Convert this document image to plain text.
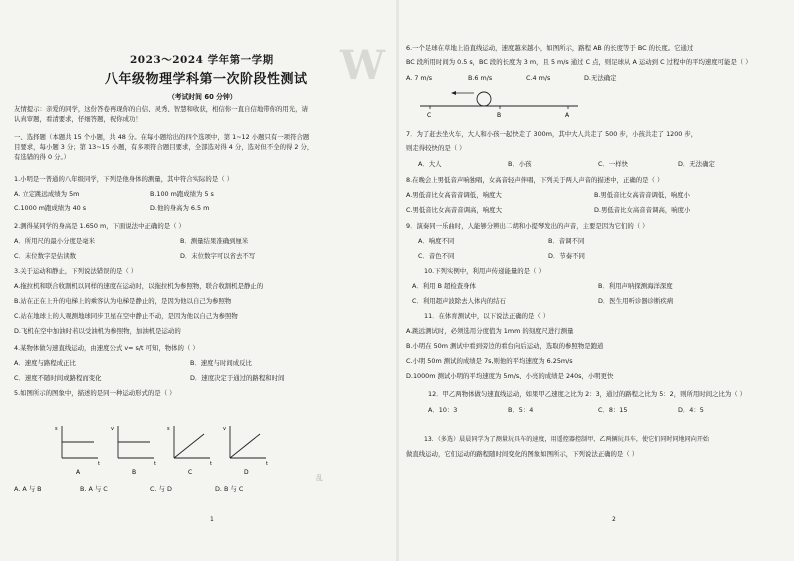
W
2023～2024 学年第一学期
八年级物理学科第一次阶段性测试
（考试时间 60 分钟）
友情提示：亲爱的同学，这份答卷再现你的自信、灵秀、智慧和收获，相信你一直自信地带你的用光，请
认真审题，看清要求，仔细答题，祝你成功！
一、选择题（本题共 15 个小题，共 48 分。在每小题给出的四个选项中，第 1~12 小题只有一项符合题
目要求，每小题 3 分；第 13~15 小题，有多项符合题目要求，全部选对得 4 分，选对但不全的得 2 分，
有选错的得 0 分。）
1.小明是一普通的八年级同学，下列是他身体的测量，其中符合实际的是（ ）
A. 立定跳远成绩为 5m	B.100 m跑成绩为 5 s
C.1000 m跑成绩为 40 s	D.他的身高为 6.5 m
2.测得某同学的身高是 1.650 m，下面说法中正确的是（ ）
A．所用尺的最小分度是毫米	B．测量结果准确到厘米
C．末位数字是估读数	D．末位数字可以省去不写
3.关于运动和静止，下列说法错误的是（ ）
A.拖拉机和联合收割机以同样的速度在运动时，以拖拉机为参照物，联合收割机是静止的
B.站在正在上升的电梯上的乘客认为电梯是静止的，是因为他以自己为参照物
C.站在地球上的人观测地球同步卫星在空中静止不动，是因为他以自己为参照物
D.飞机在空中加油时若以受油机为参照物，加油机是运动的
4.某物体做匀速直线运动，由速度公式 v= s/t 可知，物体的（ ）
A．速度与路程成正比	B．速度与时间成反比
C．速度不随时间或路程而变化	D．速度决定于通过的路程和时间
5.如图所示的图象中，描述的是同一种运动形式的是（ ）
s
t
A
v
t
B
s
t
C
v
t
D
A. A 与 B	B. A 与 C	C. 与 D	D. B 与 C
乱
1
6.一个足球在草地上沿直线运动，速度越来越小，如图所示，路程 AB 的长度等于 BC 的长度。它通过
BC 段所用时间为 0.5 s，BC 段的长度为 3 m，且 5 m/s 通过 C 点，则足球从 A 运动到 C 过程中的平均速度可能是（ ）
A. 7 m/s	B.6 m/s	C.4 m/s	D.无法确定
C	B	A
7．为了赶去坐火车，大人和小孩一起快走了 300m，其中大人共走了 500 步，小孩共走了 1200 步，
则走得较快的是（ ）
A．大人	B．小孩	C．一样快	D．无法确定
8.在晚会上男低音声响独唱，女高音轻声伴唱，下列关于两人声音的描述中，正确的是（ ）
A.男低音比女高音音调低，响度大	B.男低音比女高音音调低，响度小
C.男低音比女高音音调高，响度大	D.男低音比女高音音调高，响度小
9．演奏同一乐曲时，人能够分辨出二胡和小提琴发出的声音，主要是因为它们的（ ）
A．响度不同	B．音调不同
C．音色不同	D．节奏不同
10.下列实例中，利用声传递能量的是（ ）
A．利用 B 超检查身体	B．利用声呐探测海洋深度
C．利用超声波除去人体内的结石	D．医生用听诊器诊断疾病
11．在体育测试中，以下说法正确的是（ ）
A.跳远测试时，必须选用分度值为 1mm 的刻度尺进行测量
B.小明在 50m 测试中看到旁边的看台向后运动，选取的参照物是跑道
C.小明 50m 测试的成绩是 7s,则他的平均速度为 6.25m/s
D.1000m 测试小明的平均速度为 5m/s、小亮的成绩是 240s，小明更快
12．甲乙两物体做匀速直线运动，如果甲乙速度之比为 2：3，通过的路程之比为 5：2，则所用时间之比为（ ）
A．10：3	B．5：4	C．8：15	D．4：5
13．（多选）晨晨同学为了测量玩具车的速度，用遥控器控制甲、乙两辆玩具车，使它们同时同地同向开始
做直线运动，它们运动的路程随时间变化的图象如图所示，下列说法正确的是（ ）
2
